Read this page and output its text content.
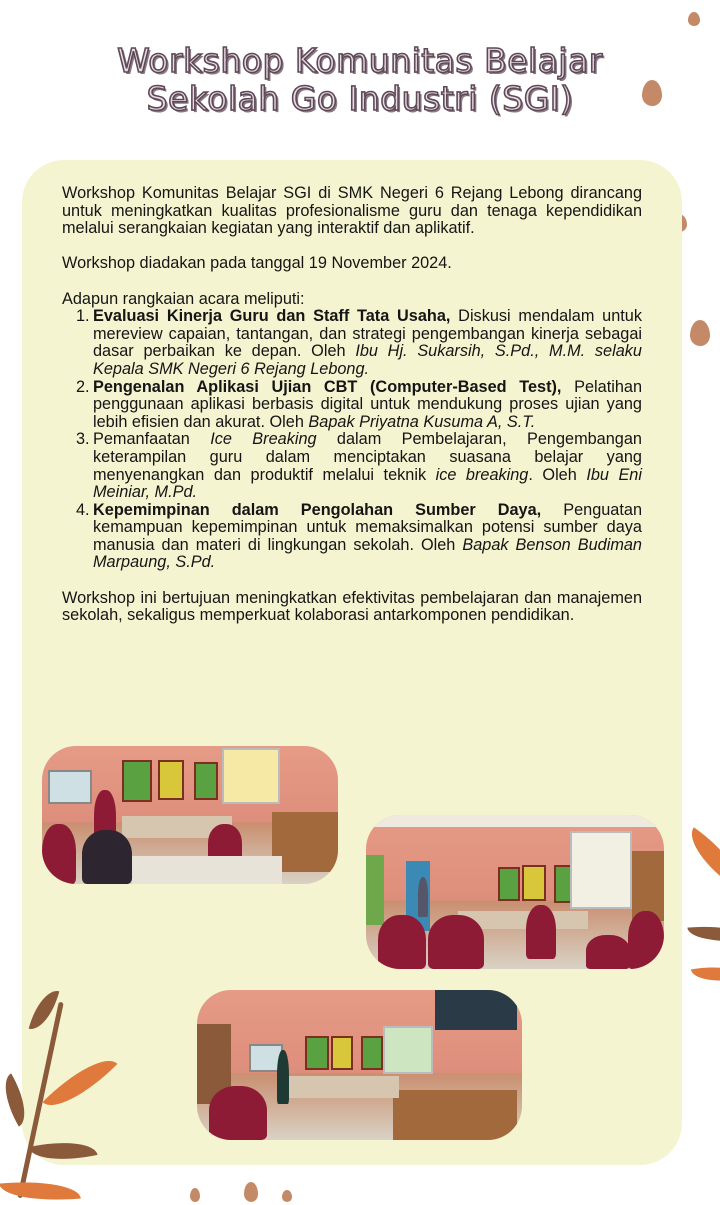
Workshop Komunitas Belajar
Sekolah Go Industri (SGI)

Workshop Komunitas Belajar SGI di SMK Negeri 6 Rejang Lebong dirancang untuk meningkatkan kualitas profesionalisme guru dan tenaga kependidikan melalui serangkaian kegiatan yang interaktif dan aplikatif.

Workshop diadakan pada tanggal 19 November 2024.

Adapun rangkaian acara meliputi:
1. Evaluasi Kinerja Guru dan Staff Tata Usaha, Diskusi mendalam untuk mereview capaian, tantangan, dan strategi pengembangan kinerja sebagai dasar perbaikan ke depan. Oleh Ibu Hj. Sukarsih, S.Pd., M.M. selaku Kepala SMK Negeri 6 Rejang Lebong.
2. Pengenalan Aplikasi Ujian CBT (Computer-Based Test), Pelatihan penggunaan aplikasi berbasis digital untuk mendukung proses ujian yang lebih efisien dan akurat. Oleh Bapak Priyatna Kusuma A, S.T.
3. Pemanfaatan Ice Breaking dalam Pembelajaran, Pengembangan keterampilan guru dalam menciptakan suasana belajar yang menyenangkan dan produktif melalui teknik ice breaking. Oleh Ibu Eni Meiniar, M.Pd.
4. Kepemimpinan dalam Pengolahan Sumber Daya, Penguatan kemampuan kepemimpinan untuk memaksimalkan potensi sumber daya manusia dan materi di lingkungan sekolah. Oleh Bapak Benson Budiman Marpaung, S.Pd.

Workshop ini bertujuan meningkatkan efektivitas pembelajaran dan manajemen sekolah, sekaligus memperkuat kolaborasi antarkomponen pendidikan.
